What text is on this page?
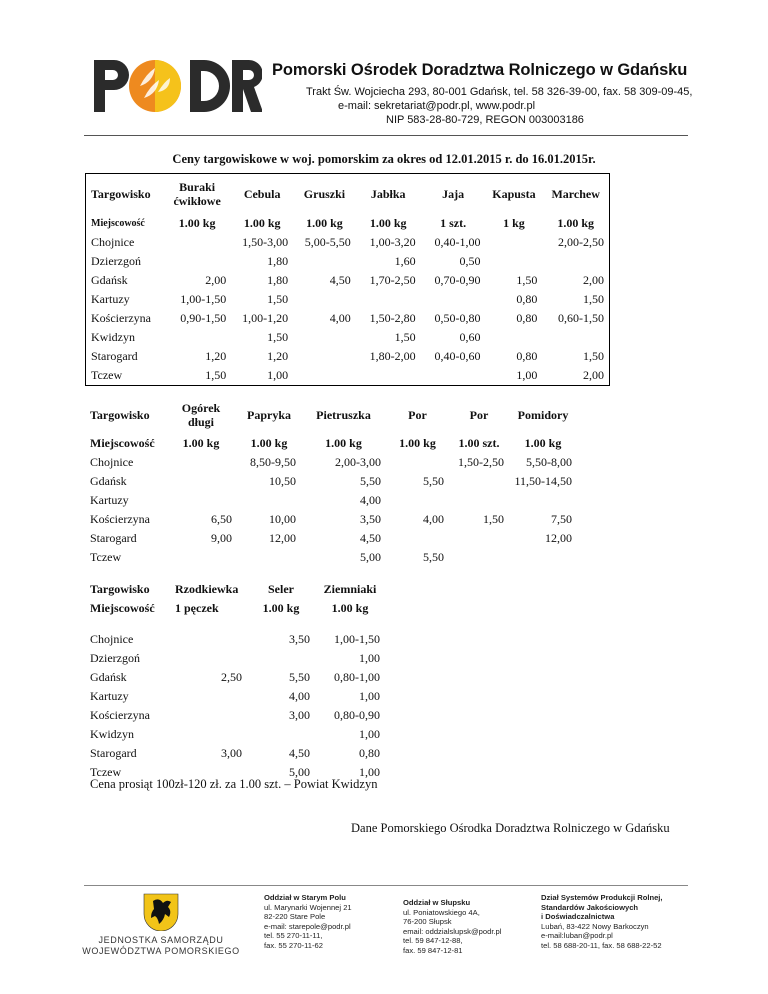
Pomorski Ośrodek Doradztwa Rolniczego w Gdańsku
Trakt Św. Wojciecha 293, 80-001 Gdańsk, tel. 58 326-39-00, fax. 58 309-09-45,
e-mail: sekretariat@podr.pl, www.podr.pl
NIP 583-28-80-729, REGON 003003186
Ceny targowiskowe w woj. pomorskim za okres od 12.01.2015 r. do 16.01.2015r.
Targowisko	Buraki ćwikłowe	Cebula	Gruszki	Jabłka	Jaja	Kapusta	Marchew
Miejscowość	1.00 kg	1.00 kg	1.00 kg	1.00 kg	1 szt.	1 kg	1.00 kg
Chojnice		1,50-3,00	5,00-5,50	1,00-3,20	0,40-1,00		2,00-2,50
Dzierzgoń		1,80		1,60	0,50		
Gdańsk	2,00	1,80	4,50	1,70-2,50	0,70-0,90	1,50	2,00
Kartuzy	1,00-1,50	1,50				0,80	1,50
Kościerzyna	0,90-1,50	1,00-1,20	4,00	1,50-2,80	0,50-0,80	0,80	0,60-1,50
Kwidzyn		1,50		1,50	0,60		
Starogard	1,20	1,20		1,80-2,00	0,40-0,60	0,80	1,50
Tczew	1,50	1,00				1,00	2,00
Targowisko	Ogórek długi	Papryka	Pietruszka	Por	Por	Pomidory
Miejscowość	1.00 kg	1.00 kg	1.00 kg	1.00 kg	1.00 szt.	1.00 kg
Chojnice		8,50-9,50	2,00-3,00		1,50-2,50	5,50-8,00
Gdańsk		10,50	5,50	5,50		11,50-14,50
Kartuzy			4,00			
Kościerzyna	6,50	10,00	3,50	4,00	1,50	7,50
Starogard	9,00	12,00	4,50			12,00
Tczew			5,00	5,50		
Targowisko	Rzodkiewka	Seler	Ziemniaki
Miejscowość	1 pęczek	1.00 kg	1.00 kg

Chojnice		3,50	1,00-1,50
Dzierzgoń			1,00
Gdańsk	2,50	5,50	0,80-1,00
Kartuzy		4,00	1,00
Kościerzyna		3,00	0,80-0,90
Kwidzyn			1,00
Starogard	3,00	4,50	0,80
Tczew		5,00	1,00
Cena prosiąt 100zł-120 zł. za 1.00 szt. – Powiat Kwidzyn
Dane Pomorskiego Ośrodka Doradztwa Rolniczego w Gdańsku
JEDNOSTKA SAMORZĄDU
WOJEWÓDZTWA POMORSKIEGO
Oddział w Starym Polu
ul. Marynarki Wojennej 21
82-220 Stare Pole
e-mail: starepole@podr.pl
tel. 55 270-11-11,
fax. 55 270-11-62
Oddział w Słupsku
ul. Poniatowskiego 4A,
76-200 Słupsk
email: oddzialslupsk@podr.pl
tel. 59 847-12-88,
fax. 59 847-12-81
Dział Systemów Produkcji Rolnej,
Standardów Jakościowych
i Doświadczalnictwa
Lubań, 83-422 Nowy Barkoczyn
e-mail:luban@podr.pl
tel. 58 688-20-11, fax. 58 688-22-52
